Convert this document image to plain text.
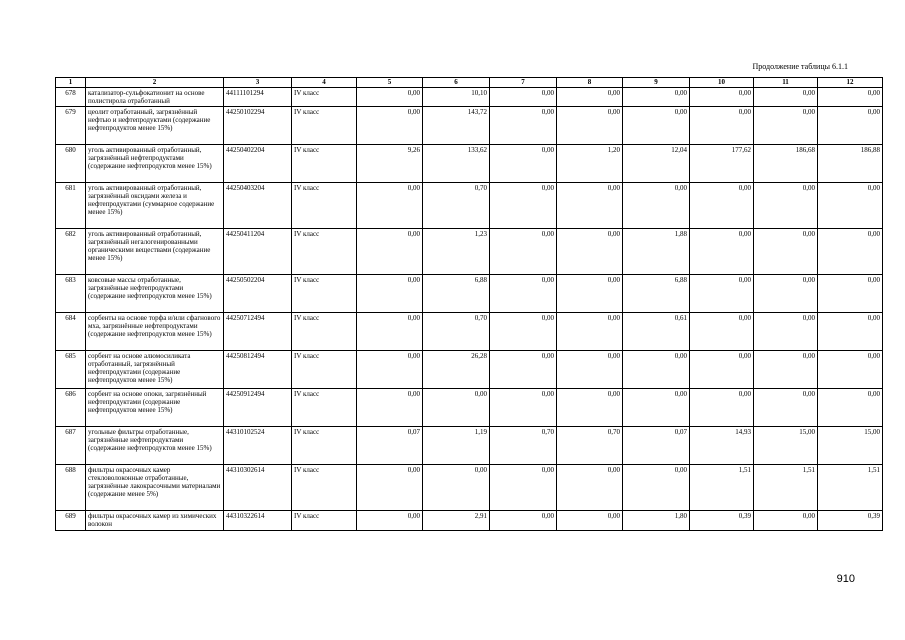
Продолжение таблицы 6.1.1
1	2	3	4	5	6	7	8	9	10	11	12
678	катализатор-сульфокатионит на основе полистирола отработанный	44111101294	IV класс	0,00	10,10	0,00	0,00	0,00	0,00	0,00	0,00
679	цеолит отработанный, загрязнённый нефтью и нефтепродуктами (содержание нефтепродуктов менее 15%)	44250102294	IV класс	0,00	143,72	0,00	0,00	0,00	0,00	0,00	0,00
680	уголь активированный отработанный, загрязнённый нефтепродуктами (содержание нефтепродуктов менее 15%)	44250402204	IV класс	9,26	133,62	0,00	1,20	12,04	177,62	186,68	186,88
681	уголь активированный отработанный, загрязнённый оксидами железа и нефтепродуктами (суммарное содержание менее 15%)	44250403204	IV класс	0,00	0,70	0,00	0,00	0,00	0,00	0,00	0,00
682	уголь активированный отработанный, загрязнённый негалогенированными органическими веществами (содержание менее 15%)	44250411204	IV класс	0,00	1,23	0,00	0,00	1,88	0,00	0,00	0,00
683	ковсовые массы отработанные, загрязнённые нефтепродуктами (содержание нефтепродуктов менее 15%)	44250502204	IV класс	0,00	6,88	0,00	0,00	6,88	0,00	0,00	0,00
684	сорбенты на основе торфа и/или сфагнового мха, загрязнённые нефтепродуктами (содержание нефтепродуктов менее 15%)	44250712494	IV класс	0,00	0,70	0,00	0,00	0,61	0,00	0,00	0,00
685	сорбент на основе алюмосиликата отработанный, загрязнённый нефтепродуктами (содержание нефтепродуктов менее 15%)	44250812494	IV класс	0,00	26,28	0,00	0,00	0,00	0,00	0,00	0,00
686	сорбент на основе опоки, загрязнённый нефтепродуктами (содержание нефтепродуктов менее 15%)	44250912494	IV класс	0,00	0,00	0,00	0,00	0,00	0,00	0,00	0,00
687	угольные фильтры отработанные, загрязнённые нефтепродуктами (содержание нефтепродуктов менее 15%)	44310102524	IV класс	0,07	1,19	0,70	0,70	0,07	14,93	15,00	15,00
688	фильтры окрасочных камер стекловолоконные отработанные, загрязнённые лакокрасочными материалами (содержание менее 5%)	44310302614	IV класс	0,00	0,00	0,00	0,00	0,00	1,51	1,51	1,51
689	фильтры окрасочных камер из химических волокон	44310322614	IV класс	0,00	2,91	0,00	0,00	1,80	0,39	0,00	0,39
910
